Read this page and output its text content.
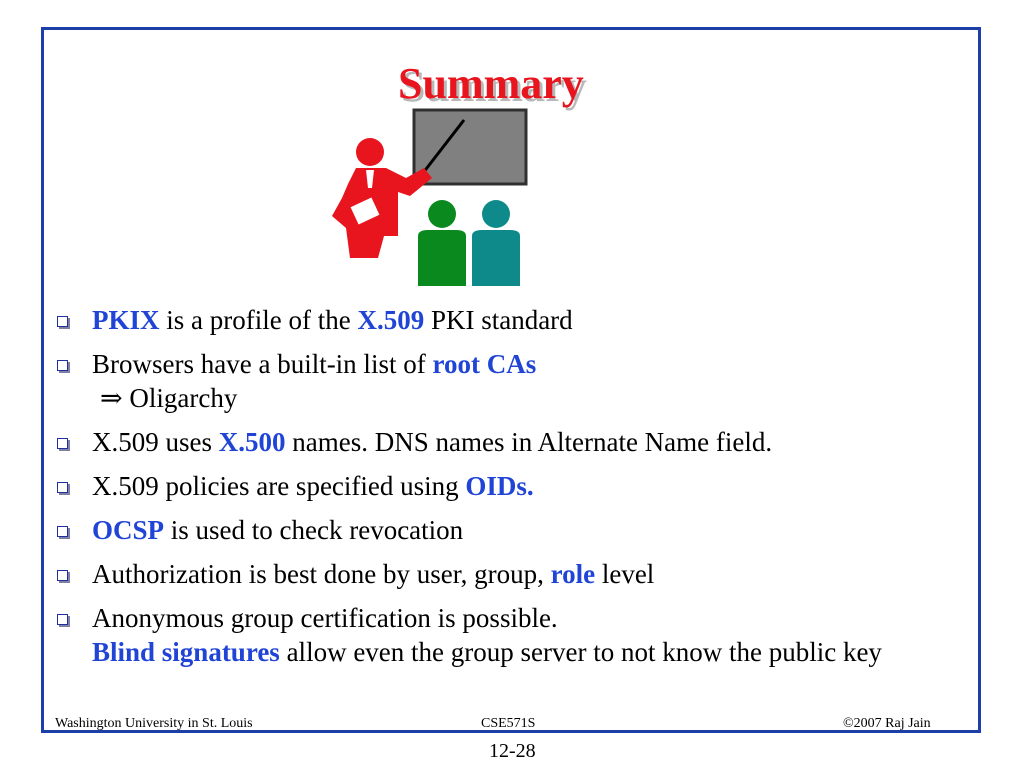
Summary
PKIX is a profile of the X.509 PKI standard
Browsers have a built-in list of root CAs
⇒ Oligarchy
X.509 uses X.500 names. DNS names in Alternate Name field.
X.509 policies are specified using OIDs.
OCSP is used to check revocation
Authorization is best done by user, group, role level
Anonymous group certification is possible.
Blind signatures allow even the group server to not know the public key
Washington University in St. Louis	CSE571S	©2007 Raj Jain
12-28
